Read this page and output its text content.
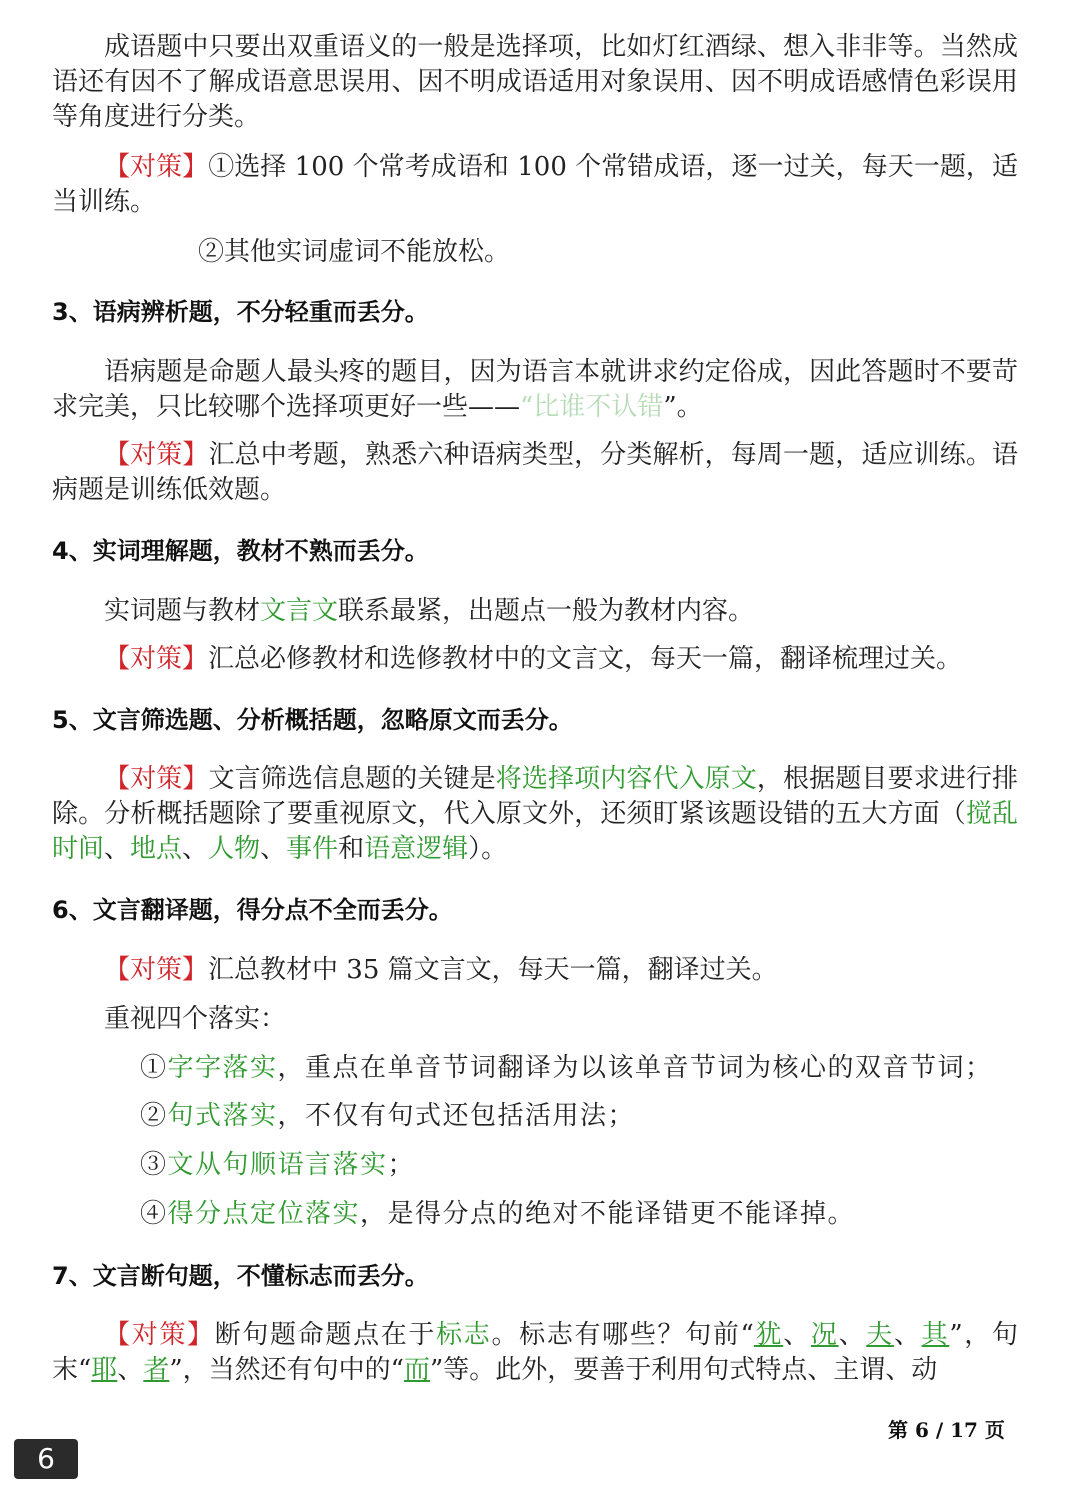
成语题中只要出双重语义的一般是选择项，比如灯红酒绿、想入非非等。当然成语还有因不了解成语意思误用、因不明成语适用对象误用、因不明成语感情色彩误用等角度进行分类。

【对策】①选择 100 个常考成语和 100 个常错成语，逐一过关，每天一题，适当训练。

②其他实词虚词不能放松。

3、语病辨析题，不分轻重而丢分。

语病题是命题人最头疼的题目，因为语言本就讲求约定俗成，因此答题时不要苛求完美，只比较哪个选择项更好一些——“比谁不认错”。

【对策】汇总中考题，熟悉六种语病类型，分类解析，每周一题，适应训练。语病题是训练低效题。

4、实词理解题，教材不熟而丢分。

实词题与教材文言文联系最紧，出题点一般为教材内容。

【对策】汇总必修教材和选修教材中的文言文，每天一篇，翻译梳理过关。

5、文言筛选题、分析概括题，忽略原文而丢分。

【对策】文言筛选信息题的关键是将选择项内容代入原文，根据题目要求进行排除。分析概括题除了要重视原文，代入原文外，还须盯紧该题设错的五大方面（搅乱时间、地点、人物、事件和语意逻辑）。

6、文言翻译题，得分点不全而丢分。

【对策】汇总教材中 35 篇文言文，每天一篇，翻译过关。

重视四个落实：

①字字落实，重点在单音节词翻译为以该单音节词为核心的双音节词；

②句式落实，不仅有句式还包括活用法；

③文从句顺语言落实；

④得分点定位落实，是得分点的绝对不能译错更不能译掉。

7、文言断句题，不懂标志而丢分。

【对策】断句题命题点在于标志。标志有哪些？句前“犹、况、夫、其”，句末“耶、者”，当然还有句中的“而”等。此外，要善于利用句式特点、主谓、动

第 6 / 17 页
6
